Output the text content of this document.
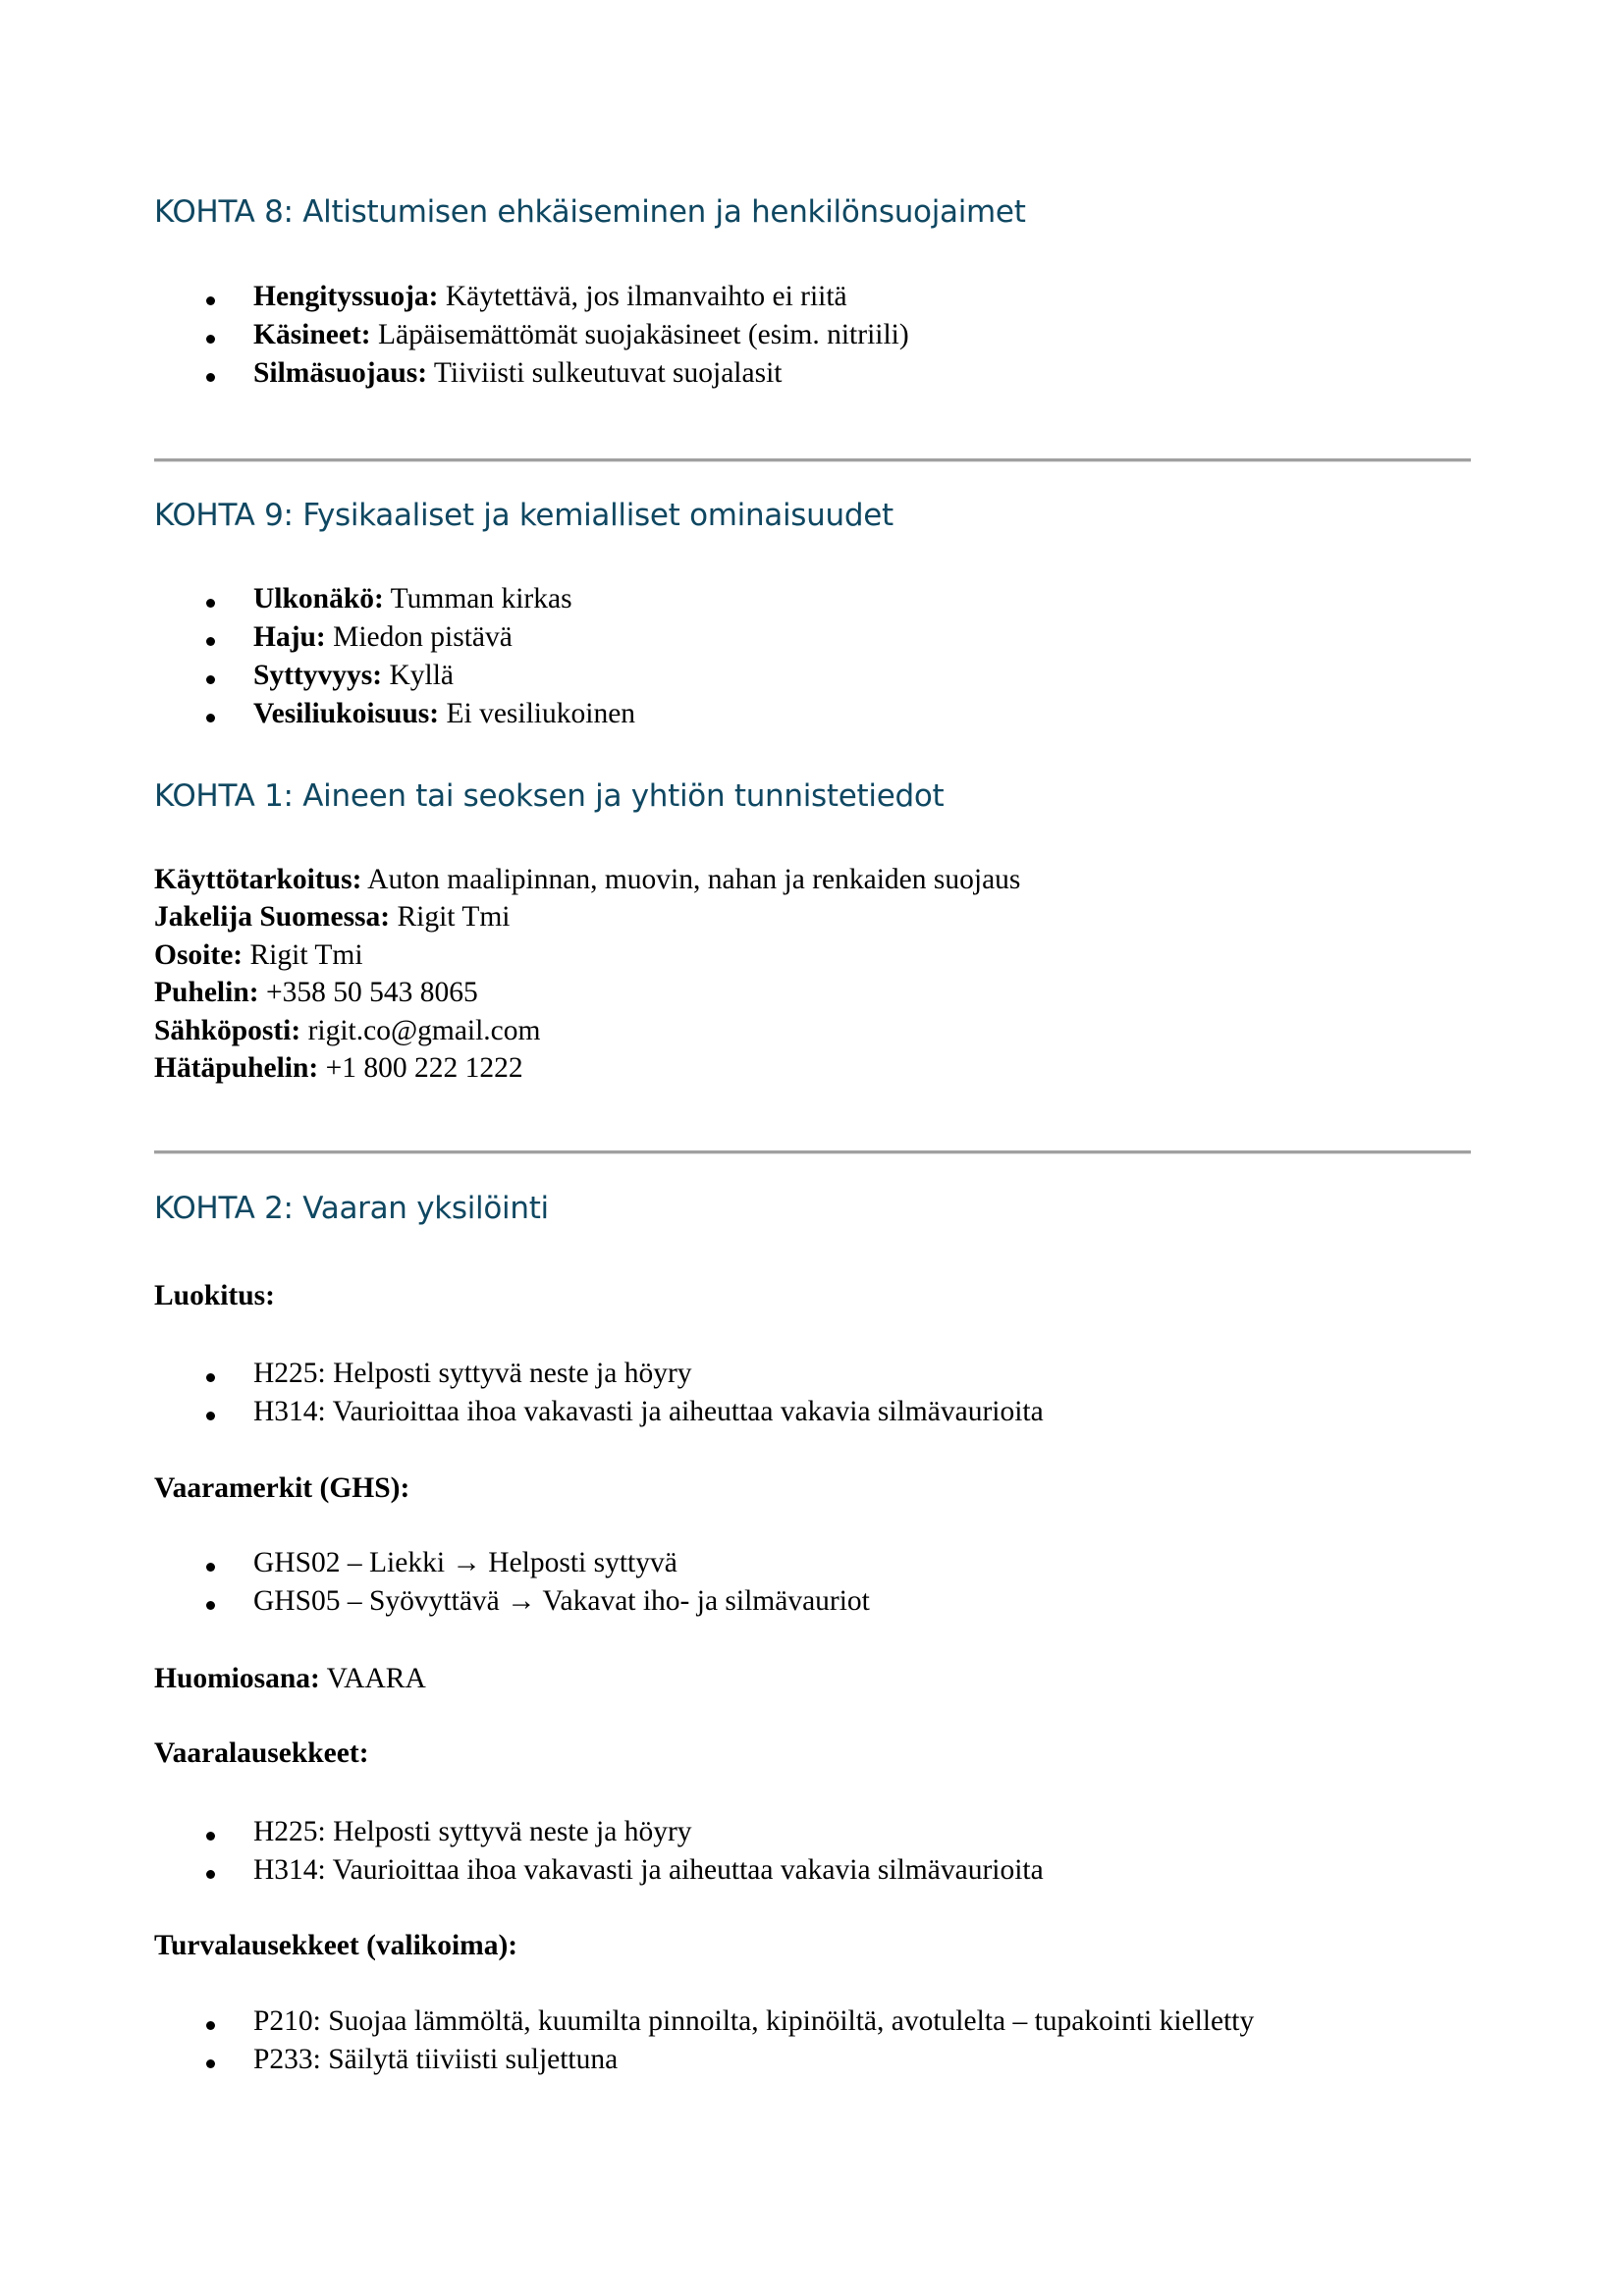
KOHTA 8: Altistumisen ehkäiseminen ja henkilönsuojaimet
Hengityssuoja: Käytettävä, jos ilmanvaihto ei riitä
Käsineet: Läpäisemättömät suojakäsineet (esim. nitriili)
Silmäsuojaus: Tiiviisti sulkeutuvat suojalasit
KOHTA 9: Fysikaaliset ja kemialliset ominaisuudet
Ulkonäkö: Tumman kirkas
Haju: Miedon pistävä
Syttyvyys: Kyllä
Vesiliukoisuus: Ei vesiliukoinen
KOHTA 1: Aineen tai seoksen ja yhtiön tunnistetiedot
Käyttötarkoitus: Auton maalipinnan, muovin, nahan ja renkaiden suojaus
Jakelija Suomessa: Rigit Tmi
Osoite: Rigit Tmi
Puhelin: +358 50 543 8065
Sähköposti: rigit.co@gmail.com
Hätäpuhelin: +1 800 222 1222
KOHTA 2: Vaaran yksilöinti
Luokitus:
H225: Helposti syttyvä neste ja höyry
H314: Vaurioittaa ihoa vakavasti ja aiheuttaa vakavia silmävaurioita
Vaaramerkit (GHS):
GHS02 – Liekki → Helposti syttyvä
GHS05 – Syövyttävä → Vakavat iho- ja silmävauriot
Huomiosana: VAARA
Vaaralausekkeet:
H225: Helposti syttyvä neste ja höyry
H314: Vaurioittaa ihoa vakavasti ja aiheuttaa vakavia silmävaurioita
Turvalausekkeet (valikoima):
P210: Suojaa lämmöltä, kuumilta pinnoilta, kipinöiltä, avotulelta – tupakointi kielletty
P233: Säilytä tiiviisti suljettuna
